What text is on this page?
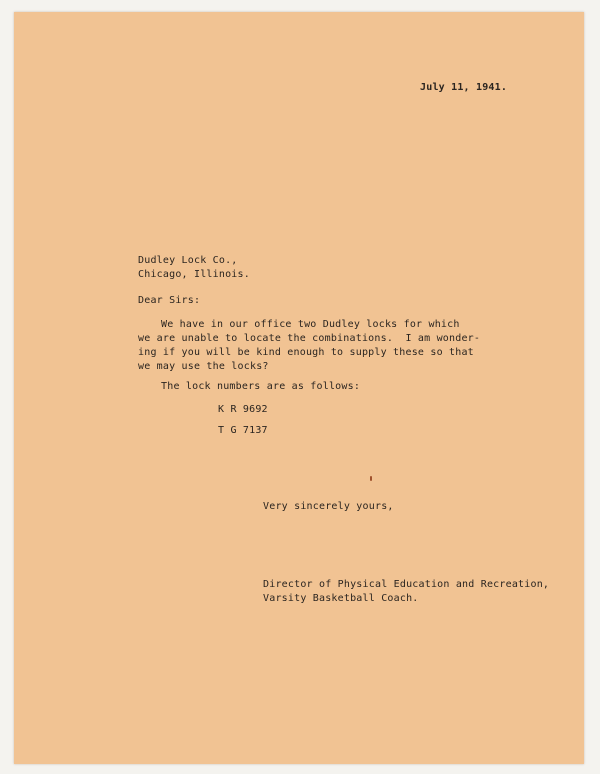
July 11, 1941.
Dudley Lock Co.,
Chicago, Illinois.
Dear Sirs:
We have in our office two Dudley locks for which
we are unable to locate the combinations.  I am wonder-
ing if you will be kind enough to supply these so that
we may use the locks?
The lock numbers are as follows:
K R 9692
T G 7137
Very sincerely yours,
Director of Physical Education and Recreation,
Varsity Basketball Coach.
